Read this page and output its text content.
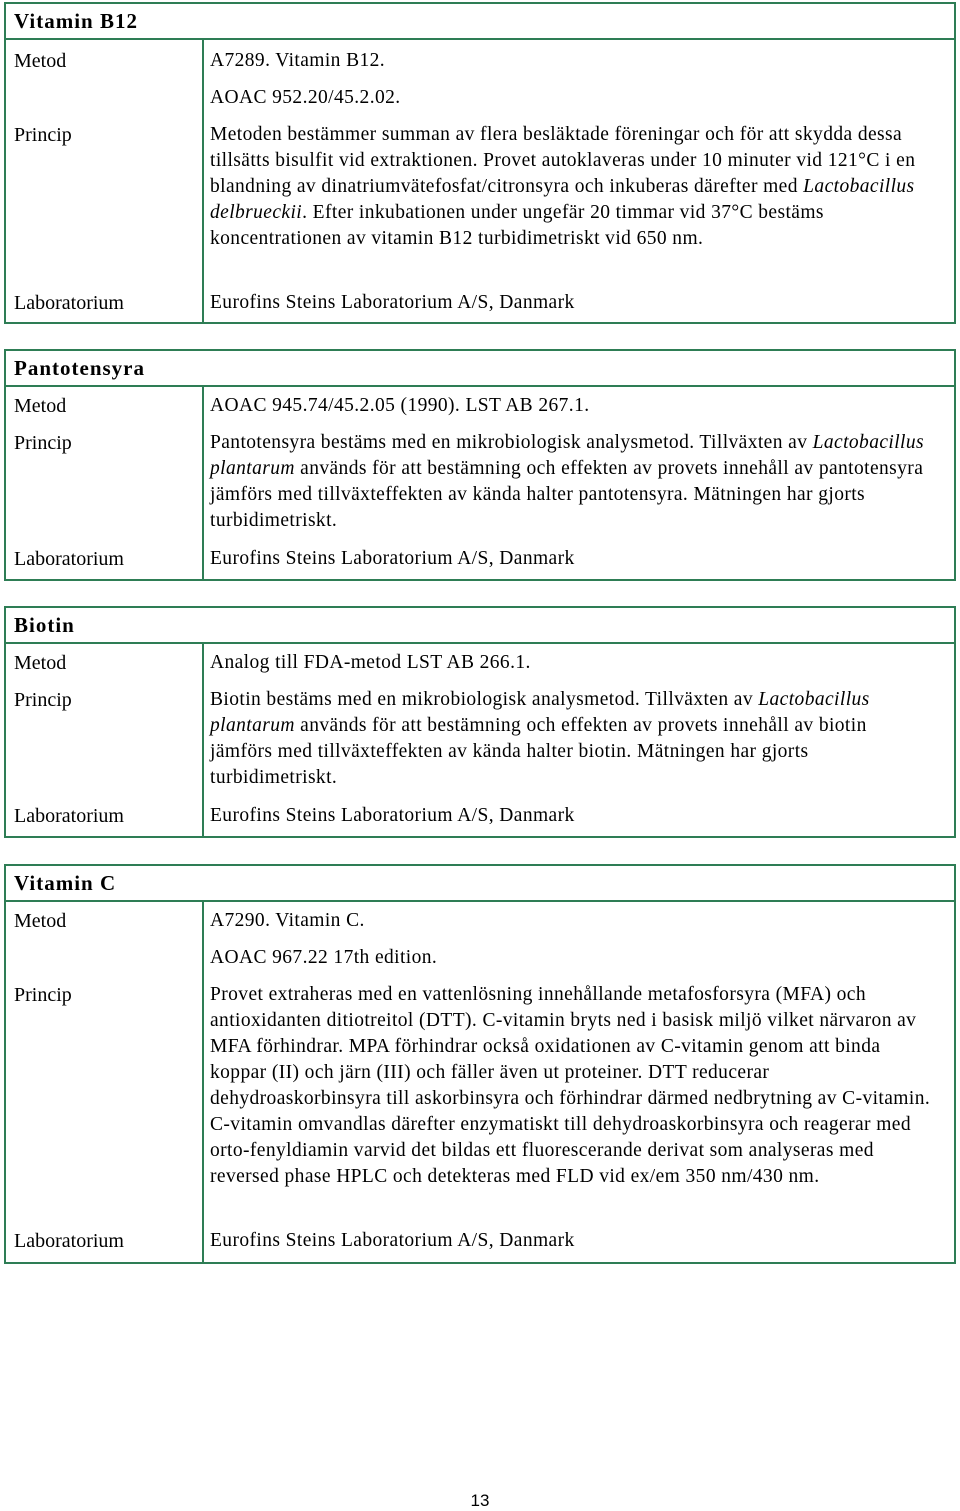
Vitamin B12
Metod	A7289. Vitamin B12.

AOAC 952.20/45.2.02.

Princip	Metoden bestämmer summan av flera besläktade föreningar och för att skydda dessa tillsätts bisulfit vid extraktionen. Provet autoklaveras under 10 minuter vid 121°C i en blandning av dinatriumvätefosfat/citronsyra och inkuberas därefter med Lactobacillus delbrueckii. Efter inkubationen under ungefär 20 timmar vid 37°C bestäms koncentrationen av vitamin B12 turbidimetriskt vid 650 nm.
Laboratorium	Eurofins Steins Laboratorium A/S, Danmark
Pantotensyra
Metod	AOAC 945.74/45.2.05 (1990). LST AB 267.1.
Princip	Pantotensyra bestäms med en mikrobiologisk analysmetod. Tillväxten av Lactobacillus plantarum används för att bestämning och effekten av provets innehåll av pantotensyra jämförs med tillväxteffekten av kända halter pantotensyra. Mätningen har gjorts turbidimetriskt.
Laboratorium	Eurofins Steins Laboratorium A/S, Danmark
Biotin
Metod	Analog till FDA-metod LST AB 266.1.
Princip	Biotin bestäms med en mikrobiologisk analysmetod. Tillväxten av Lactobacillus plantarum används för att bestämning och effekten av provets innehåll av biotin jämförs med tillväxteffekten av kända halter biotin. Mätningen har gjorts turbidimetriskt.
Laboratorium	Eurofins Steins Laboratorium A/S, Danmark
Vitamin C
Metod	A7290. Vitamin C.

AOAC 967.22 17th edition.

Princip	Provet extraheras med en vattenlösning innehållande metafosforsyra (MFA) och antioxidanten ditiotreitol (DTT). C-vitamin bryts ned i basisk miljö vilket närvaron av MFA förhindrar. MPA förhindrar också oxidationen av C-vitamin genom att binda koppar (II) och järn (III) och fäller även ut proteiner. DTT reducerar dehydroaskorbinsyra till askorbinsyra och förhindrar därmed nedbrytning av C-vitamin. C-vitamin omvandlas därefter enzymatiskt till dehydroaskorbinsyra och reagerar med orto-fenyldiamin varvid det bildas ett fluorescerande derivat som analyseras med reversed phase HPLC och detekteras med FLD vid ex/em 350 nm/430 nm.
Laboratorium	Eurofins Steins Laboratorium A/S, Danmark
13
